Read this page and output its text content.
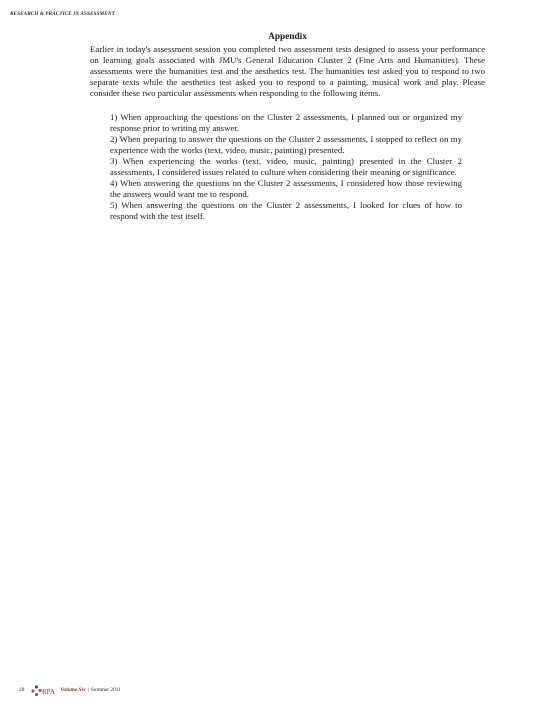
RESEARCH & PRACTICE IN ASSESSMENT
Appendix

Earlier in today's assessment session you completed two assessment tests designed to assess your performance on learning goals associated with JMU's General Education Cluster 2 (Fine Arts and Humanities). These assessments were the humanities test and the aesthetics test. The humanities test asked you to respond to two separate texts while the aesthetics test asked you to respond to a painting, musical work and play. Please consider these two particular assessments when responding to the following items.

1) When approaching the questions on the Cluster 2 assessments, I planned out or organized my response prior to writing my answer.

2) When preparing to answer the questions on the Cluster 2 assessments, I stopped to reflect on my experience with the works (text, video, music, painting) presented.

3) When experiencing the works (text, video, music, painting) presented in the Cluster 2 assessments, I considered issues related to culture when considering their meaning or significance.

4) When answering the questions on the Cluster 2 assessments, I considered how those reviewing the answers would want me to respond.

5) When answering the questions on the Cluster 2 assessments, I looked for clues of how to respond with the test itself.

28	RPA Volume Six | Summer 2011
